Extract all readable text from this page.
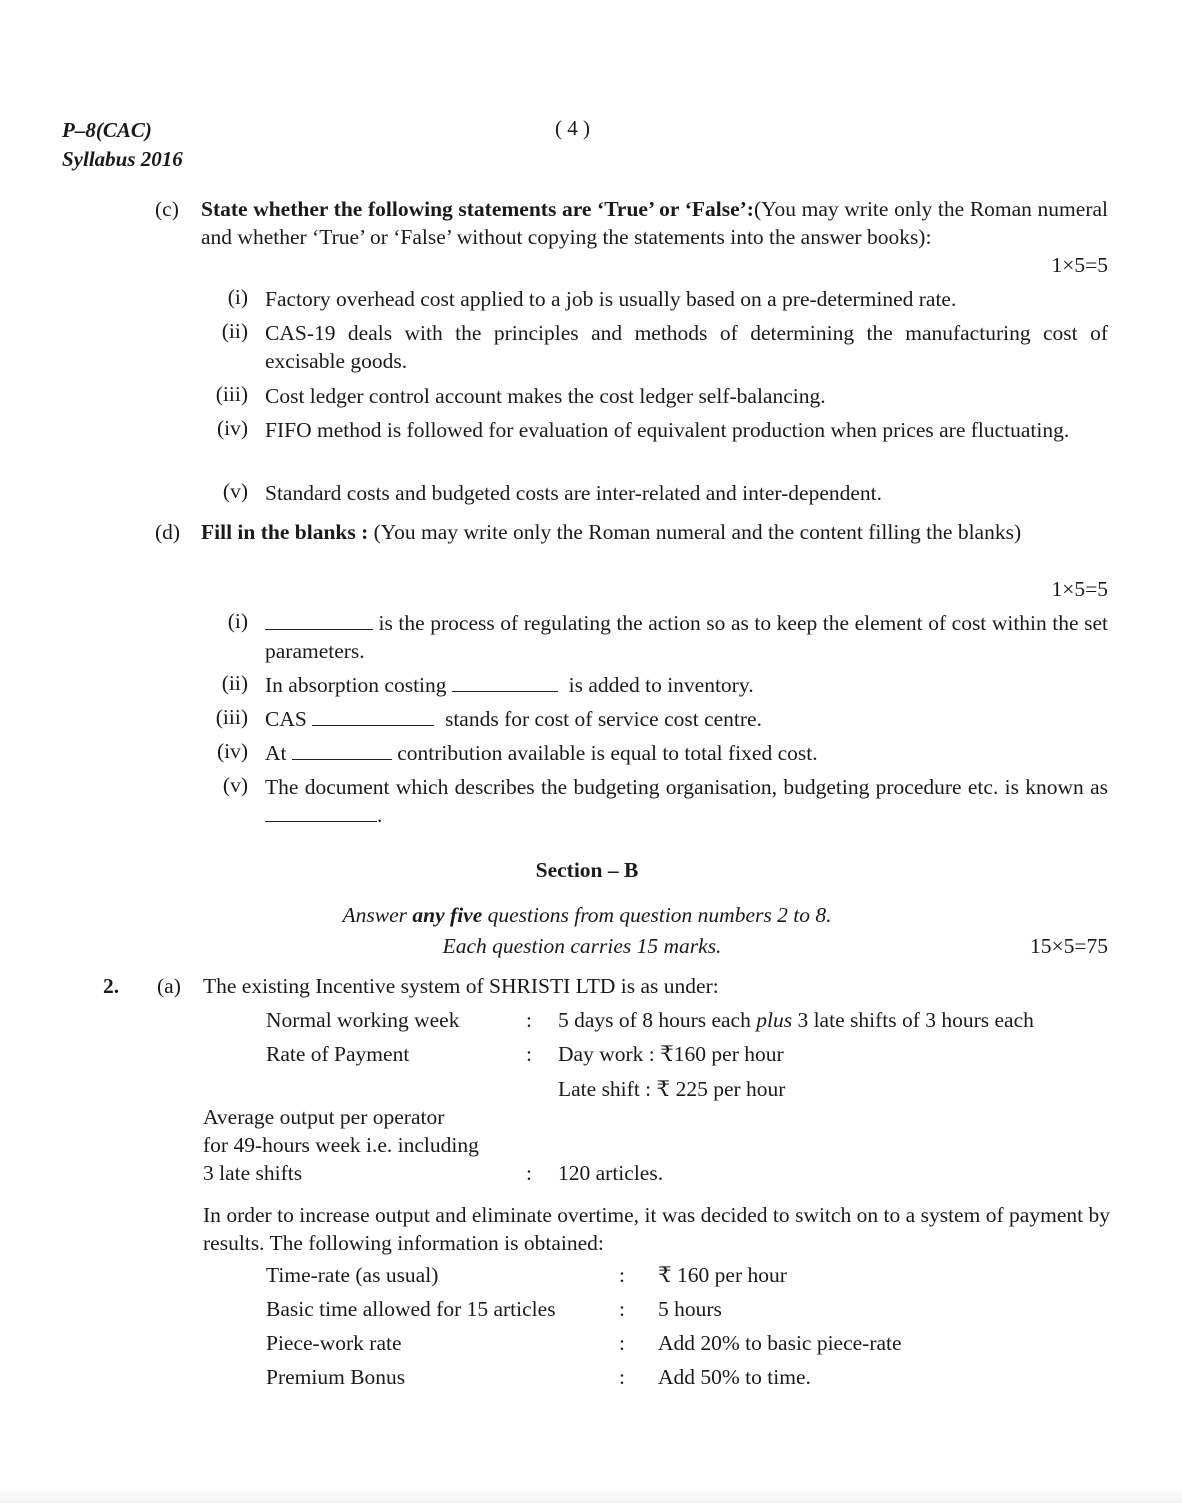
P–8(CAC)
Syllabus 2016
( 4 )
(c)	State whether the following statements are ‘True’ or ‘False’:(You may write only the Roman numeral and whether ‘True’ or ‘False’ without copying the statements into the answer books):
1×5=5
(i) Factory overhead cost applied to a job is usually based on a pre-determined rate.
(ii) CAS-19 deals with the principles and methods of determining the manufacturing cost of excisable goods.
(iii) Cost ledger control account makes the cost ledger self-balancing.
(iv) FIFO method is followed for evaluation of equivalent production when prices are fluctuating.
(v) Standard costs and budgeted costs are inter-related and inter-dependent.
(d) Fill in the blanks : (You may write only the Roman numeral and the content filling the blanks)
1×5=5
(i)	is the process of regulating the action so as to keep the element of cost within the set parameters.
(ii) In absorption costing	is added to inventory.
(iii) CAS	stands for cost of service cost centre.
(iv) At	contribution available is equal to total fixed cost.
(v) The document which describes the budgeting organisation, budgeting procedure etc. is known as .
Section – B
Answer any five questions from question numbers 2 to 8.
Each question carries 15 marks.	15×5=75
2. (a) The existing Incentive system of SHRISTI LTD is as under:
Normal working week	: 5 days of 8 hours each plus 3 late shifts of 3 hours each
Rate of Payment	: Day work : ₹160 per hour
Late shift : ₹ 225 per hour
Average output per operator
for 49-hours week i.e. including
3 late shifts	: 120 articles.
In order to increase output and eliminate overtime, it was decided to switch on to a system of payment by results. The following information is obtained:
Time-rate (as usual)	: ₹ 160 per hour
Basic time allowed for 15 articles	: 5 hours
Piece-work rate	: Add 20% to basic piece-rate
Premium Bonus	: Add 50% to time.
